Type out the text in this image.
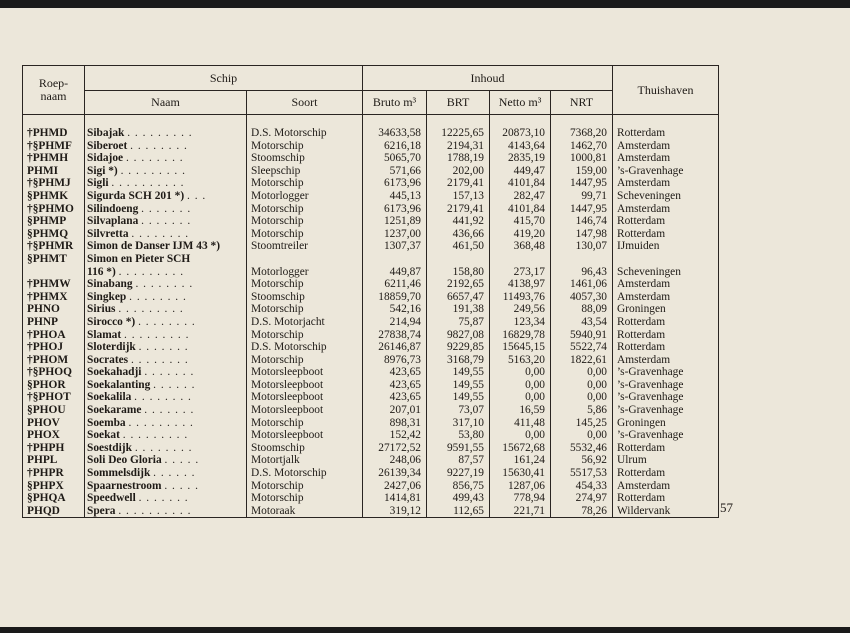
Roep- naam	Schip		Inhoud				Thuishaven
	Naam	Soort	Bruto m³	BRT	Netto m³	NRT	

†PHMD	Sibajak . . . . . . . . .	D.S. Motorschip	34633,58	12225,65	20873,10	7368,20	Rotterdam
†§PHMF	Siberoet . . . . . . . .	Motorschip	6216,18	2194,31	4143,64	1462,70	Amsterdam
†PHMH	Sidajoe . . . . . . . .	Stoomschip	5065,70	1788,19	2835,19	1000,81	Amsterdam
PHMI	Sigi *) . . . . . . . . .	Sleepschip	571,66	202,00	449,47	159,00	’s-Gravenhage
†§PHMJ	Sigli . . . . . . . . . .	Motorschip	6173,96	2179,41	4101,84	1447,95	Amsterdam
§PHMK	Sigurda SCH 201 *) . . .	Motorlogger	445,13	157,13	282,47	99,71	Scheveningen
†§PHMO	Silindoeng . . . . . . .	Motorschip	6173,96	2179,41	4101,84	1447,95	Amsterdam
§PHMP	Silvaplana . . . . . . .	Motorschip	1251,89	441,92	415,70	146,74	Rotterdam
§PHMQ	Silvretta . . . . . . . .	Motorschip	1237,00	436,66	419,20	147,98	Rotterdam
†§PHMR	Simon de Danser IJM 43 *)	Stoomtreiler	1307,37	461,50	368,48	130,07	IJmuiden
§PHMT	Simon en Pieter SCH						
	116 *) . . . . . . . . .	Motorlogger	449,87	158,80	273,17	96,43	Scheveningen
†PHMW	Sinabang . . . . . . . .	Motorschip	6211,46	2192,65	4138,97	1461,06	Amsterdam
†PHMX	Singkep . . . . . . . .	Stoomschip	18859,70	6657,47	11493,76	4057,30	Amsterdam
PHNO	Sirius . . . . . . . . .	Motorschip	542,16	191,38	249,56	88,09	Groningen
PHNP	Sirocco *) . . . . . . . .	D.S. Motorjacht	214,94	75,87	123,34	43,54	Rotterdam
†PHOA	Slamat . . . . . . . . .	Motorschip	27838,74	9827,08	16829,78	5940,91	Rotterdam
†PHOJ	Sloterdijk . . . . . . .	D.S. Motorschip	26146,87	9229,85	15645,15	5522,74	Rotterdam
†PHOM	Socrates . . . . . . . .	Motorschip	8976,73	3168,79	5163,20	1822,61	Amsterdam
†§PHOQ	Soekahadji . . . . . . .	Motorsleepboot	423,65	149,55	0,00	0,00	’s-Gravenhage
§PHOR	Soekalanting . . . . . .	Motorsleepboot	423,65	149,55	0,00	0,00	’s-Gravenhage
†§PHOT	Soekalila . . . . . . . .	Motorsleepboot	423,65	149,55	0,00	0,00	’s-Gravenhage
§PHOU	Soekarame . . . . . . .	Motorsleepboot	207,01	73,07	16,59	5,86	’s-Gravenhage
PHOV	Soemba . . . . . . . . .	Motorschip	898,31	317,10	411,48	145,25	Groningen
PHOX	Soekat . . . . . . . . .	Motorsleepboot	152,42	53,80	0,00	0,00	’s-Gravenhage
†PHPH	Soestdijk . . . . . . . .	Stoomschip	27172,52	9591,55	15672,68	5532,46	Rotterdam
PHPL	Soli Deo Gloria . . . . .	Motortjalk	248,06	87,57	161,24	56,92	Ulrum
†PHPR	Sommelsdijk . . . . . .	D.S. Motorschip	26139,34	9227,19	15630,41	5517,53	Rotterdam
§PHPX	Spaarnestroom . . . . .	Motorschip	2427,06	856,75	1287,06	454,33	Amsterdam
§PHQA	Speedwell . . . . . . .	Motorschip	1414,81	499,43	778,94	274,97	Rotterdam
PHQD	Spera . . . . . . . . . .	Motoraak	319,12	112,65	221,71	78,26	Wildervank	57
